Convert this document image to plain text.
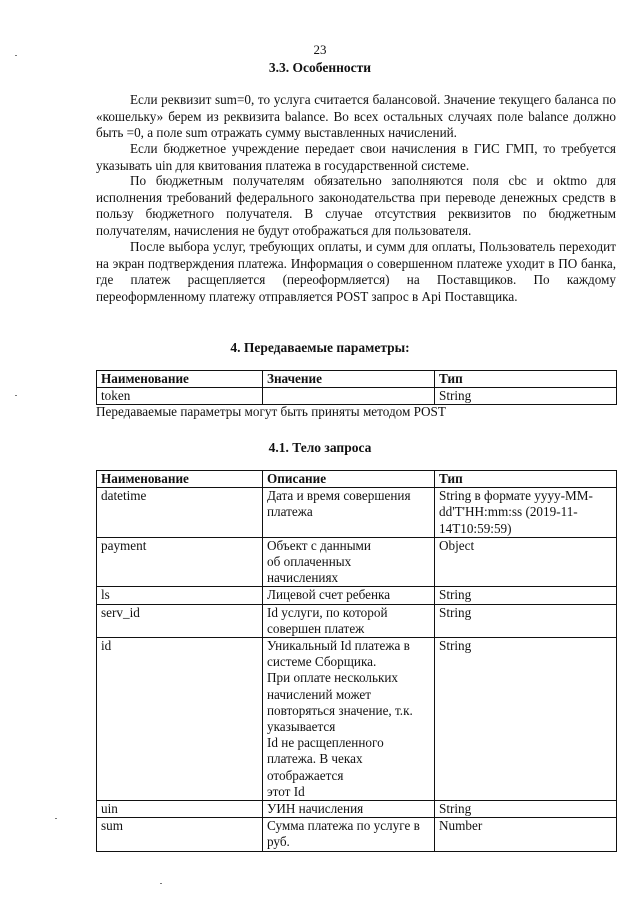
23
3.3. Особенности

Если реквизит sum=0, то услуга считается балансовой. Значение текущего баланса по «кошельку» берем из реквизита balance. Во всех остальных случаях поле balance должно быть =0, а поле sum отражать сумму выставленных начислений.

Если бюджетное учреждение передает свои начисления в ГИС ГМП, то требуется указывать uin для квитования платежа в государственной системе.

По бюджетным получателям обязательно заполняются поля cbc и oktmo для исполнения требований федерального законодательства при переводе денежных средств в пользу бюджетного получателя. В случае отсутствия реквизитов по бюджетным получателям, начисления не будут отображаться для пользователя.

После выбора услуг, требующих оплаты, и сумм для оплаты, Пользователь переходит на экран подтверждения платежа. Информация о совершенном платеже уходит в ПО банка, где платеж расщепляется (переоформляется) на Поставщиков. По каждому переоформленному платежу отправляется POST запрос в Api Поставщика.

4. Передаваемые параметры:
Наименование	Значение	Тип
token		String

Передаваемые параметры могут быть приняты методом POST

4.1. Тело запроса
Наименование	Описание	Тип
datetime	Дата и время совершения платежа	String в формате yyyy-MM-dd'T'HH:mm:ss (2019-11-14T10:59:59)
payment	Объект с данными
об оплаченных
начислениях	Object
ls	Лицевой счет ребенка	String
serv_id	Id услуги, по которой совершен платеж	String
id	Уникальный Id платежа в системе Сборщика.
При оплате нескольких начислений может повторяться значение, т.к. указывается
Id не расщепленного платежа. В чеках отображается
этот Id	String
uin	УИН начисления	String
sum	Сумма платежа по услуге в руб.	Number
